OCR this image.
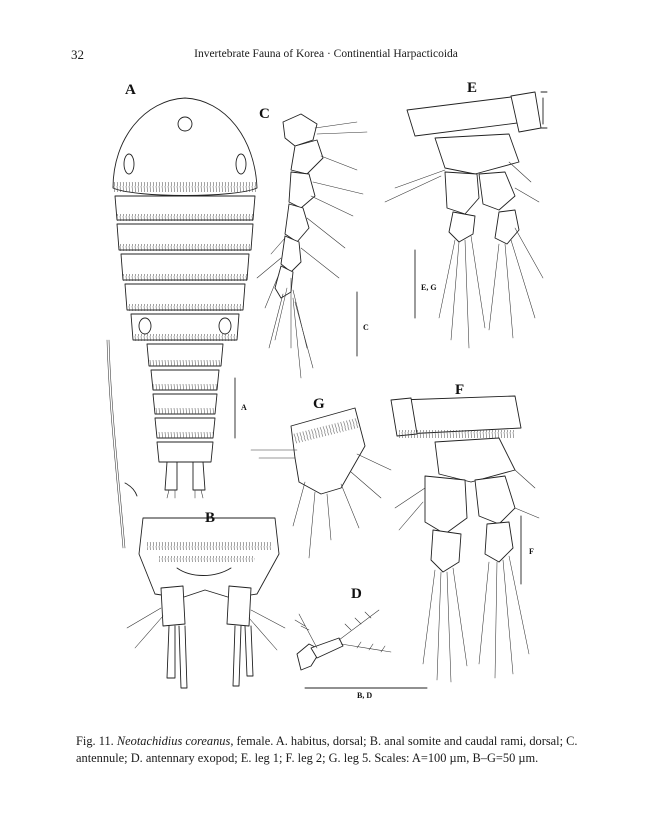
32	Invertebrate Fauna of Korea · Continential Harpacticoida
A
A
C
C
E
E, G
G
F
F
B
D
B, D
Fig. 11. Neotachidius coreanus, female. A. habitus, dorsal; B. anal somite and caudal rami, dorsal; C. antennule; D. antennary exopod; E. leg 1; F. leg 2; G. leg 5. Scales: A=100 µm, B–G=50 µm.
